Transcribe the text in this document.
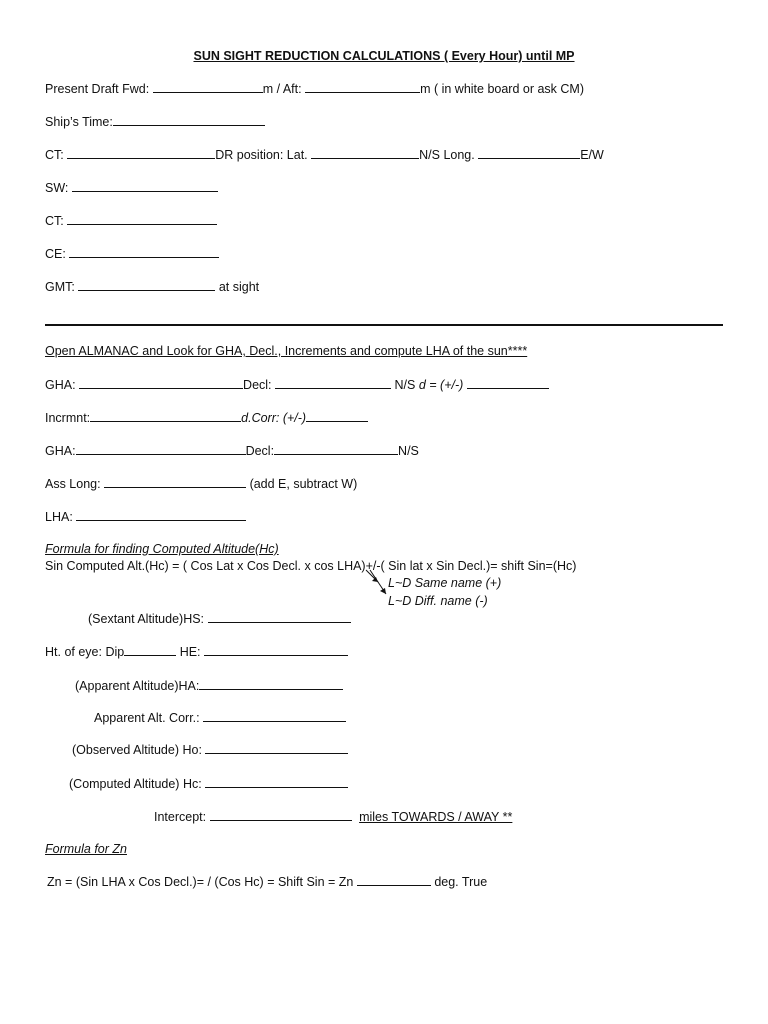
SUN SIGHT REDUCTION CALCULATIONS ( Every Hour) until MP
Present Draft Fwd:	m / Aft:	m ( in white board or ask CM)
Ship’s Time:
CT:	DR position: Lat.	N/S Long.	E/W
SW:
CT:
CE:
GMT:	at sight
Open ALMANAC and Look for GHA, Decl., Increments and compute LHA of the sun****
GHA:	Decl:	N/S d = (+/-)
Incrmnt:	d.Corr: (+/-)
GHA:	Decl:	N/S
Ass Long:	(add E, subtract W)
LHA:
Formula for finding Computed Altitude(Hc)
Sin Computed Alt.(Hc) = ( Cos Lat x Cos Decl. x cos LHA)+/-( Sin lat x Sin Decl.)= shift Sin=(Hc)
L~D Same name (+)
L~D Diff. name (-)
(Sextant Altitude)HS:
Ht. of eye: Dip	HE:
(Apparent Altitude)HA:
Apparent Alt. Corr.:
(Observed Altitude) Ho:
(Computed Altitude) Hc:
Intercept:	miles TOWARDS / AWAY **
Formula for Zn
Zn = (Sin LHA x Cos Decl.)= / (Cos Hc) = Shift Sin = Zn	deg. True
